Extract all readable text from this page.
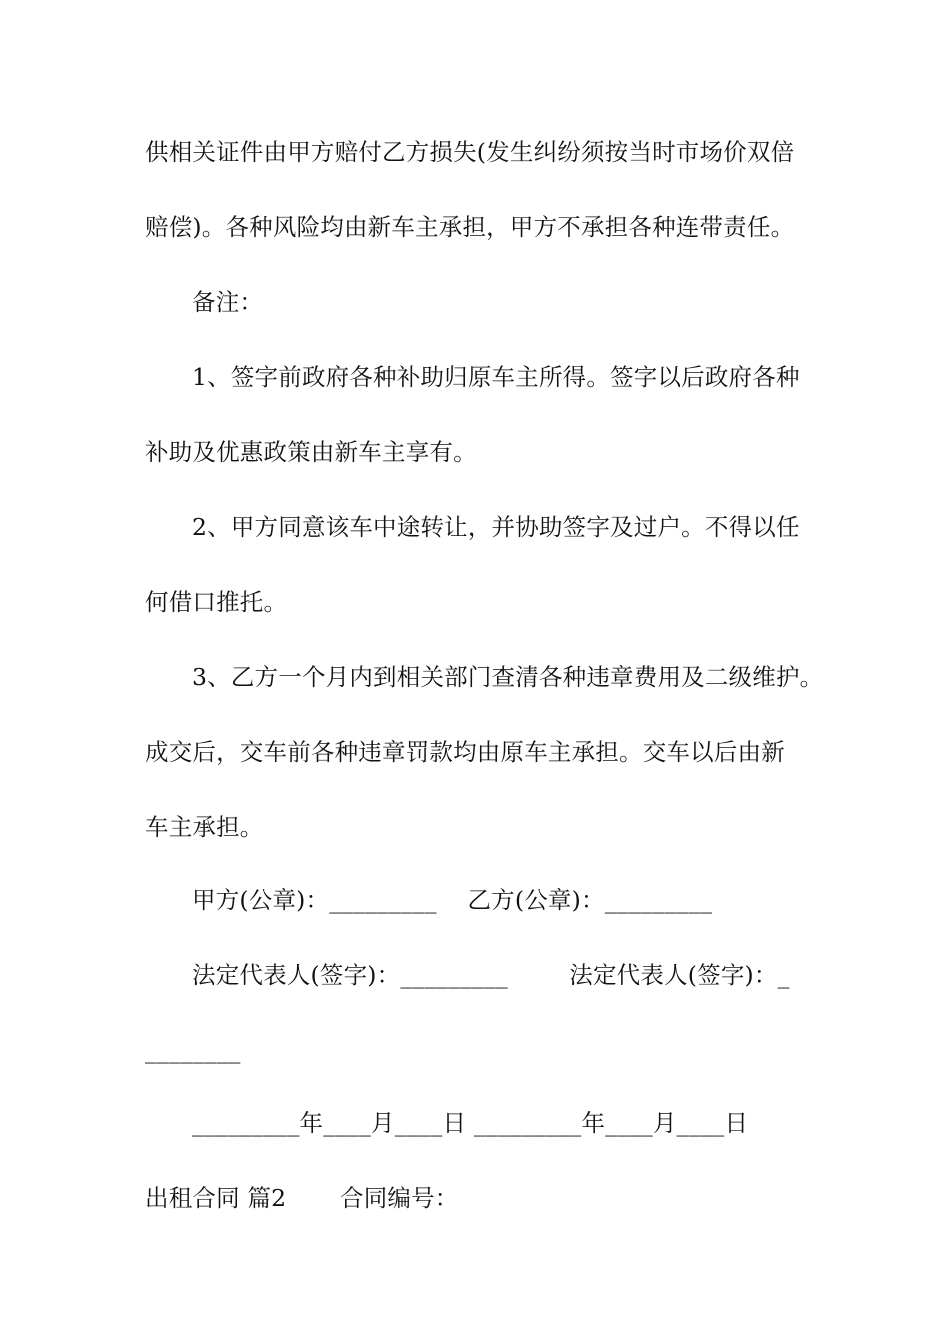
供相关证件由甲方赔付乙方损失(发生纠纷须按当时市场价双倍
赔偿)。各种风险均由新车主承担，甲方不承担各种连带责任。
备注：
1、签字前政府各种补助归原车主所得。签字以后政府各种
补助及优惠政策由新车主享有。
2、甲方同意该车中途转让，并协助签字及过户。不得以任
何借口推托。
3、乙方一个月内到相关部门查清各种违章费用及二级维护。
成交后，交车前各种违章罚款均由原车主承担。交车以后由新
车主承担。
甲方(公章)：_________    乙方(公章)：_________
法定代表人(签字)：_________        法定代表人(签字)：_
________
_________年____月____日 _________年____月____日
出租合同 篇2       合同编号：
